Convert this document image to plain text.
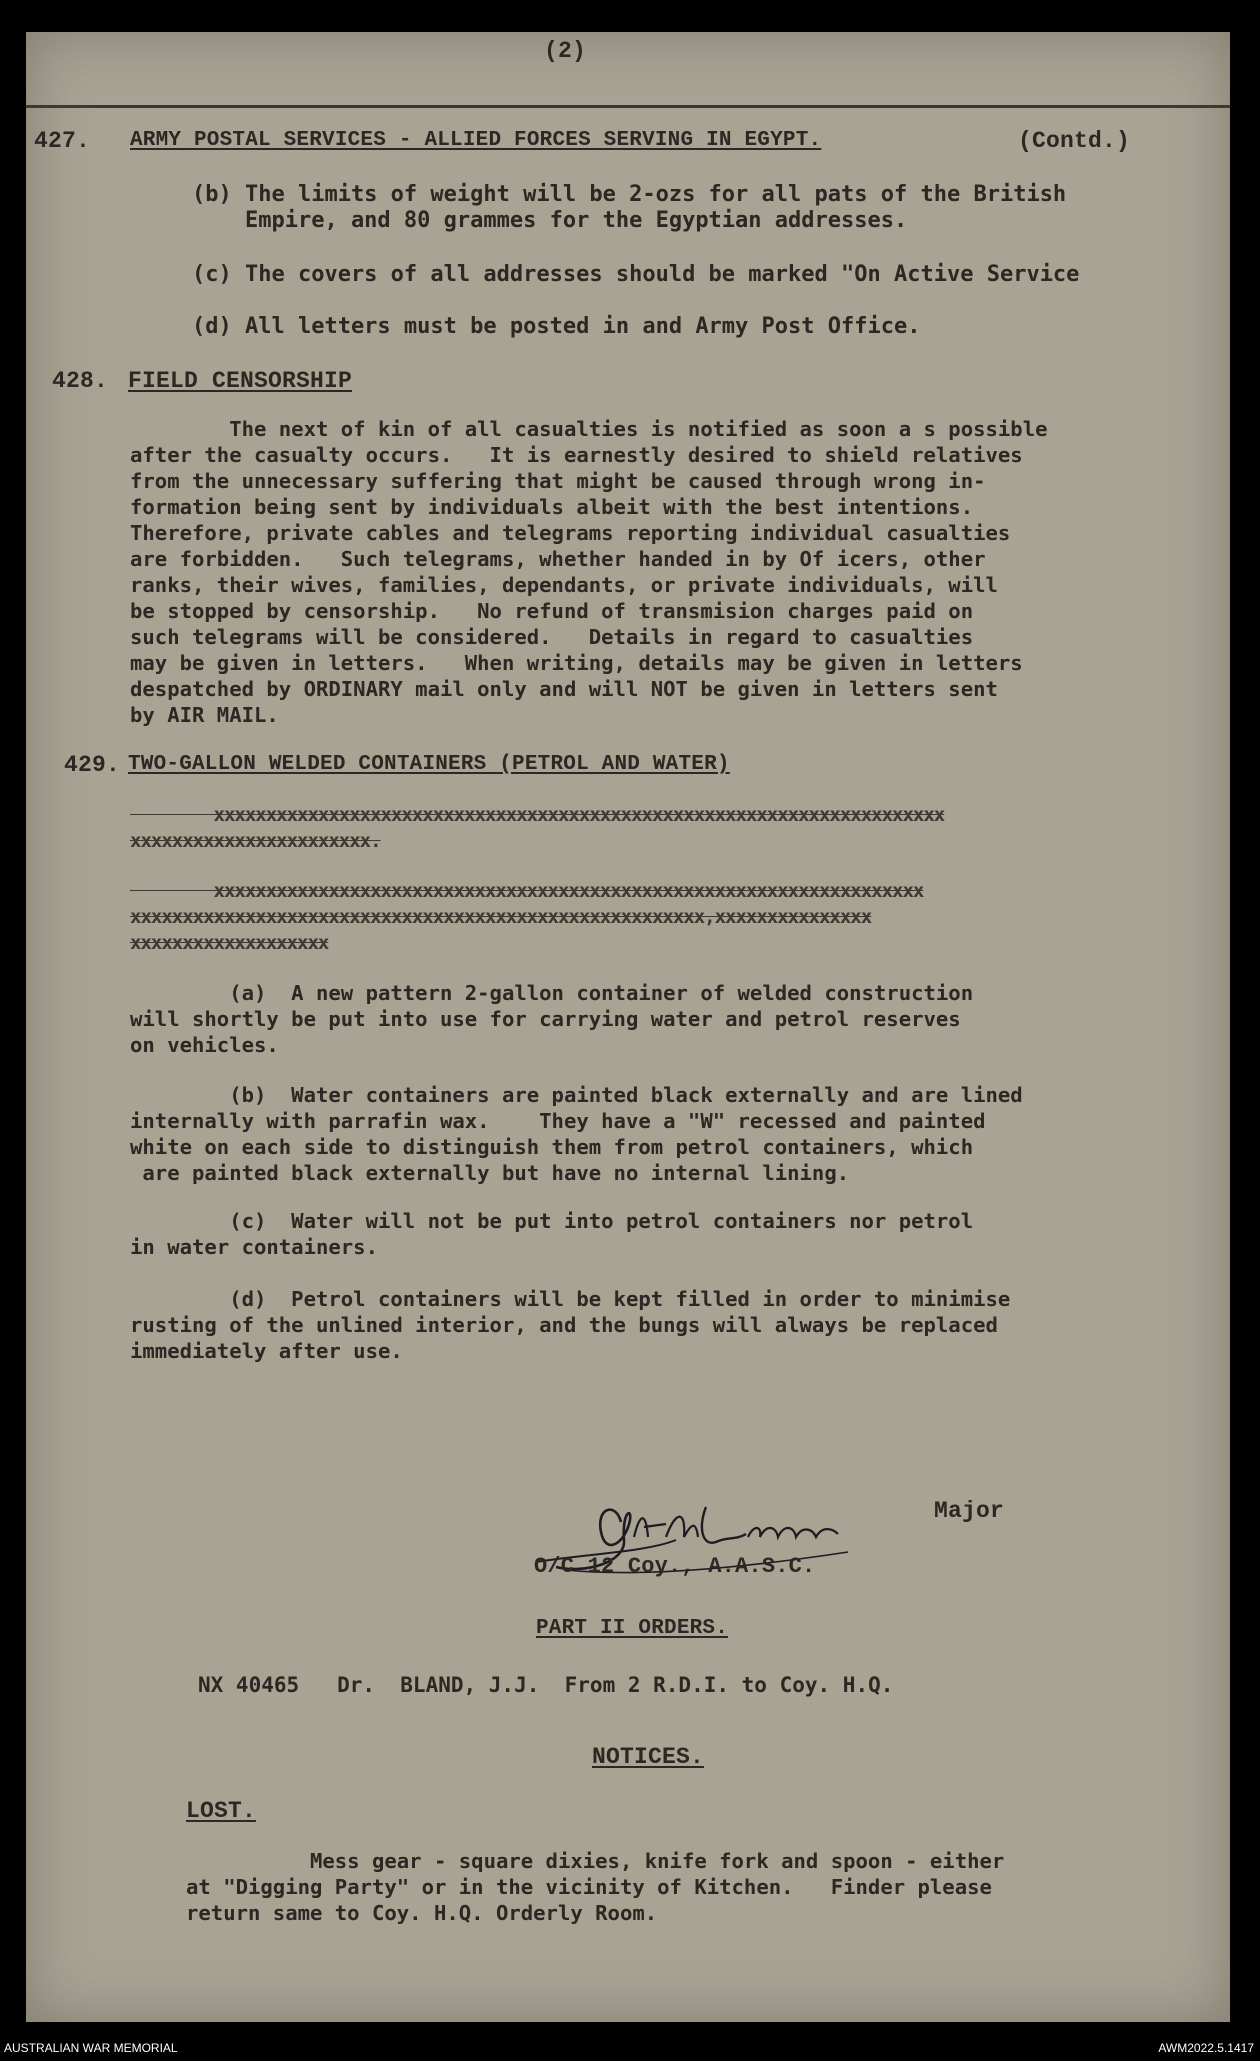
(2)
427. ARMY POSTAL SERVICES - ALLIED FORCES SERVING IN EGYPT.	(Contd.)
(b) The limits of weight will be 2-ozs for all pats of the British
Empire, and 80 grammes for the Egyptian addresses.
(c) The covers of all addresses should be marked "On Active Service
(d) All letters must be posted in and Army Post Office.
428. FIELD CENSORSHIP
The next of kin of all casualties is notified as soon a s possible
after the casualty occurs.   It is earnestly desired to shield relatives
from the unnecessary suffering that might be caused through wrong in-
formation being sent by individuals albeit with the best intentions.
Therefore, private cables and telegrams reporting individual casualties
are forbidden.   Such telegrams, whether handed in by Of icers, other
ranks, their wives, families, dependants, or private individuals, will
be stopped by censorship.   No refund of transmision charges paid on
such telegrams will be considered.   Details in regard to casualties
may be given in letters.   When writing, details may be given in letters
despatched by ORDINARY mail only and will NOT be given in letters sent
by AIR MAIL.
429. TWO-GALLON WELDED CONTAINERS (PETROL AND WATER)
xxxxxxxxxxxxxxxxxxxxxxxxxxxxxxxxxxxxxxxxxxxxxxxxxxxxxxxxxxxxxxxxxxxxxx
xxxxxxxxxxxxxxxxxxxxxxx.
xxxxxxxxxxxxxxxxxxxxxxxxxxxxxxxxxxxxxxxxxxxxxxxxxxxxxxxxxxxxxxxxxxxx
xxxxxxxxxxxxxxxxxxxxxxxxxxxxxxxxxxxxxxxxxxxxxxxxxxxxxxx,xxxxxxxxxxxxxxx
xxxxxxxxxxxxxxxxxxx
(a)  A new pattern 2-gallon container of welded construction
will shortly be put into use for carrying water and petrol reserves
on vehicles.
(b)  Water containers are painted black externally and are lined
internally with parrafin wax.    They have a "W" recessed and painted
white on each side to distinguish them from petrol containers, which
are painted black externally but have no internal lining.
(c)  Water will not be put into petrol containers nor petrol
in water containers.
(d)  Petrol containers will be kept filled in order to minimise
rusting of the unlined interior, and the bungs will always be replaced
immediately after use.
Major
O/C 12 Coy., A.A.S.C.
PART II ORDERS.
NX 40465   Dr.  BLAND, J.J.  From 2 R.D.I. to Coy. H.Q.
NOTICES.
LOST.
Mess gear - square dixies, knife fork and spoon - either
at "Digging Party" or in the vicinity of Kitchen.   Finder please
return same to Coy. H.Q. Orderly Room.
AUSTRALIAN WAR MEMORIAL	AWM2022.5.1417
